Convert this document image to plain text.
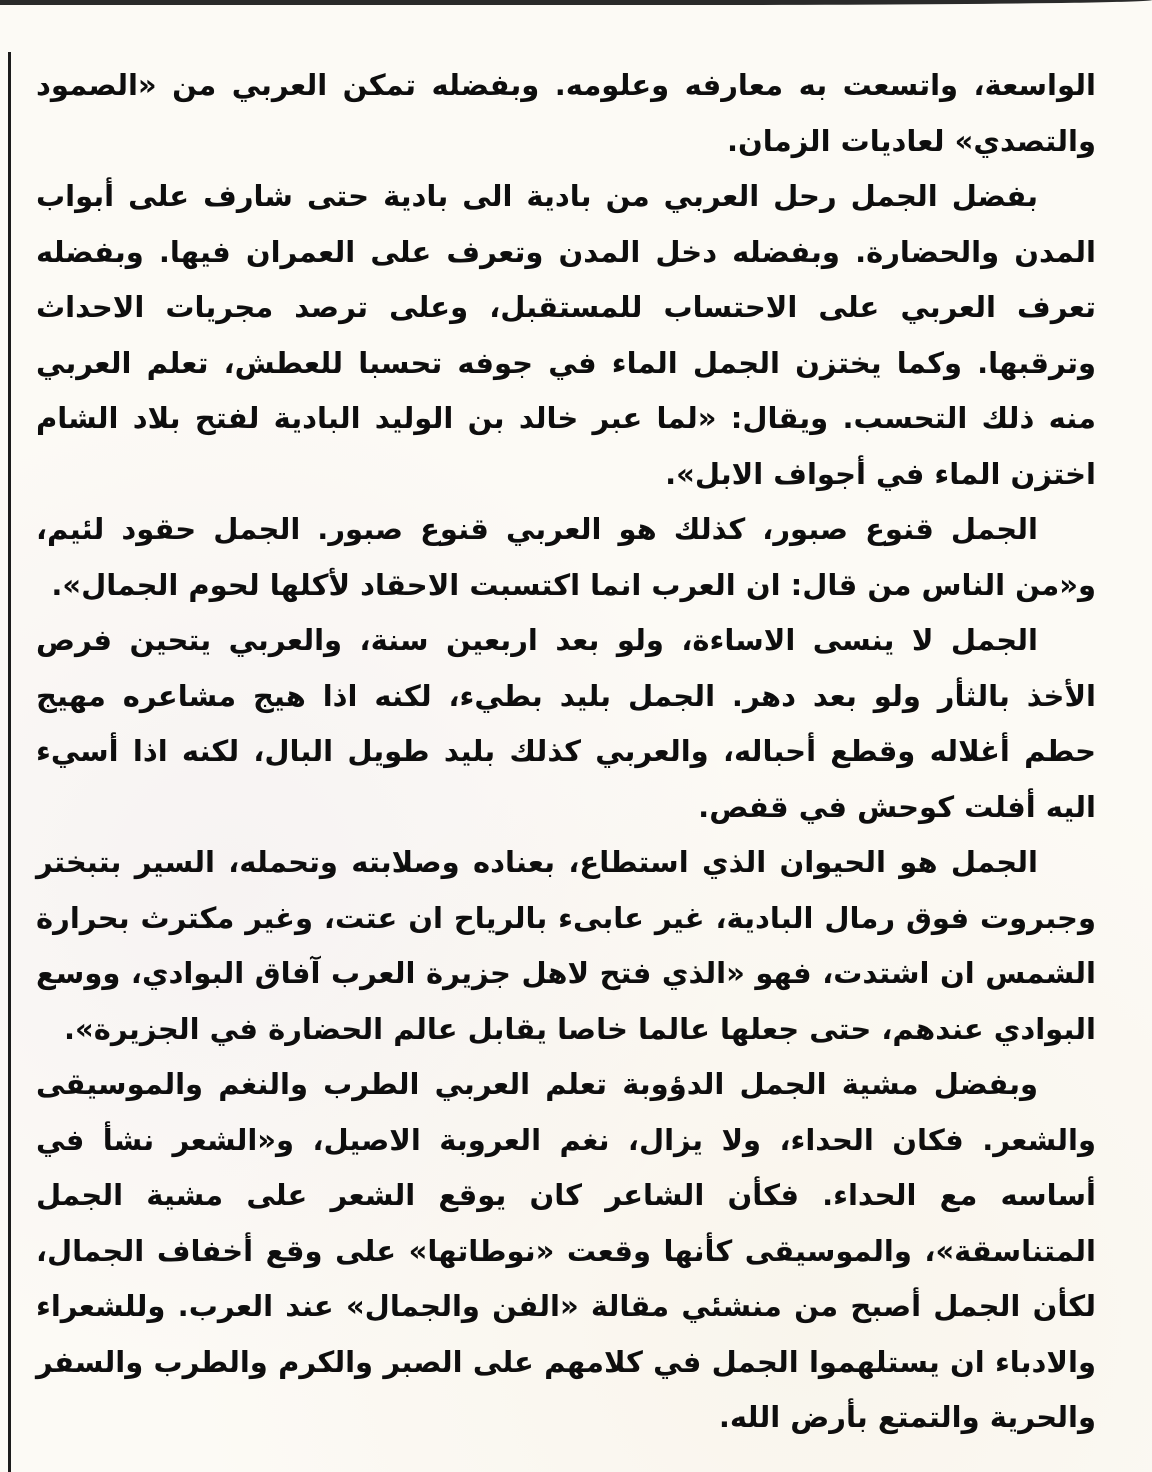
الواسعة، واتسعت به معارفه وعلومه. وبفضله تمكن العربي من «الصمود والتصدي» لعاديات الزمان.

بفضل الجمل رحل العربي من بادية الى بادية حتى شارف على أبواب المدن والحضارة. وبفضله دخل المدن وتعرف على العمران فيها. وبفضله تعرف العربي على الاحتساب للمستقبل، وعلى ترصد مجريات الاحداث وترقبها. وكما يختزن الجمل الماء في جوفه تحسبا للعطش، تعلم العربي منه ذلك التحسب. ويقال: «لما عبر خالد بن الوليد البادية لفتح بلاد الشام اختزن الماء في أجواف الابل».

الجمل قنوع صبور، كذلك هو العربي قنوع صبور. الجمل حقود لئيم، و«من الناس من قال: ان العرب انما اكتسبت الاحقاد لأكلها لحوم الجمال».

الجمل لا ينسى الاساءة، ولو بعد اربعين سنة، والعربي يتحين فرص الأخذ بالثأر ولو بعد دهر. الجمل بليد بطيء، لكنه اذا هيج مشاعره مهيج حطم أغلاله وقطع أحباله، والعربي كذلك بليد طويل البال، لكنه اذا أسيء اليه أفلت كوحش في قفص.

الجمل هو الحيوان الذي استطاع، بعناده وصلابته وتحمله، السير بتبختر وجبروت فوق رمال البادية، غير عابىء بالرياح ان عتت، وغير مكترث بحرارة الشمس ان اشتدت، فهو «الذي فتح لاهل جزيرة العرب آفاق البوادي، ووسع البوادي عندهم، حتى جعلها عالما خاصا يقابل عالم الحضارة في الجزيرة».

وبفضل مشية الجمل الدؤوبة تعلم العربي الطرب والنغم والموسيقى والشعر. فكان الحداء، ولا يزال، نغم العروبة الاصيل، و«الشعر نشأ في أساسه مع الحداء. فكأن الشاعر كان يوقع الشعر على مشية الجمل المتناسقة»، والموسيقى كأنها وقعت «نوطاتها» على وقع أخفاف الجمال، لكأن الجمل أصبح من منشئي مقالة «الفن والجمال» عند العرب. وللشعراء والادباء ان يستلهموا الجمل في كلامهم على الصبر والكرم والطرب والسفر والحرية والتمتع بأرض الله.
